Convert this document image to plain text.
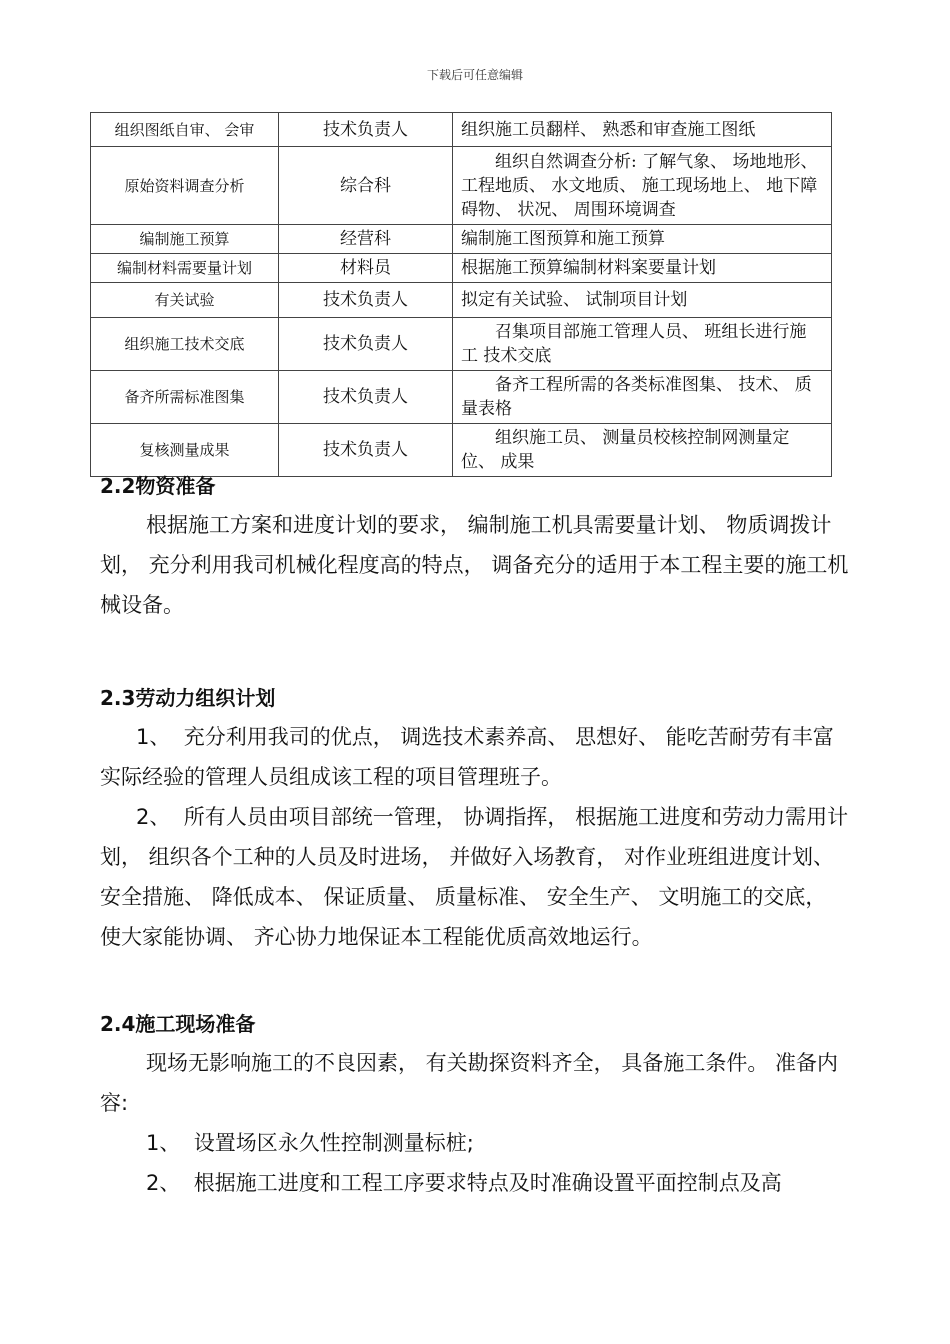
下载后可任意编辑
组织图纸自审、 会审	技术负责人	组织施工员翻样、 熟悉和审查施工图纸
原始资料调查分析	综合科	组织自然调查分析: 了解气象、 场地地形、 工程地质、 水文地质、 施工现场地上、 地下障碍物、 状况、 周围环境调查
编制施工预算	经营科	编制施工图预算和施工预算
编制材料需要量计划	材料员	根据施工预算编制材料案要量计划
有关试验	技术负责人	拟定有关试验、 试制项目计划
组织施工技术交底	技术负责人	召集项目部施工管理人员、 班组长进行施工 技术交底
备齐所需标准图集	技术负责人	备齐工程所需的各类标准图集、 技术、 质量表格
复核测量成果	技术负责人	组织施工员、 测量员校核控制网测量定位、 成果
2.2物资准备
根据施工方案和进度计划的要求， 编制施工机具需要量计划、 物质调拨计划， 充分利用我司机械化程度高的特点， 调备充分的适用于本工程主要的施工机械设备。
2.3劳动力组织计划
1、 充分利用我司的优点， 调选技术素养高、 思想好、 能吃苦耐劳有丰富实际经验的管理人员组成该工程的项目管理班子。
2、 所有人员由项目部统一管理， 协调指挥， 根据施工进度和劳动力需用计划， 组织各个工种的人员及时进场， 并做好入场教育， 对作业班组进度计划、 安全措施、 降低成本、 保证质量、 质量标准、 安全生产、 文明施工的交底， 使大家能协调、 齐心协力地保证本工程能优质高效地运行。
2.4施工现场准备
现场无影响施工的不良因素， 有关勘探资料齐全， 具备施工条件。 准备内容:
1、 设置场区永久性控制测量标桩;
2、 根据施工进度和工程工序要求特点及时准确设置平面控制点及高
